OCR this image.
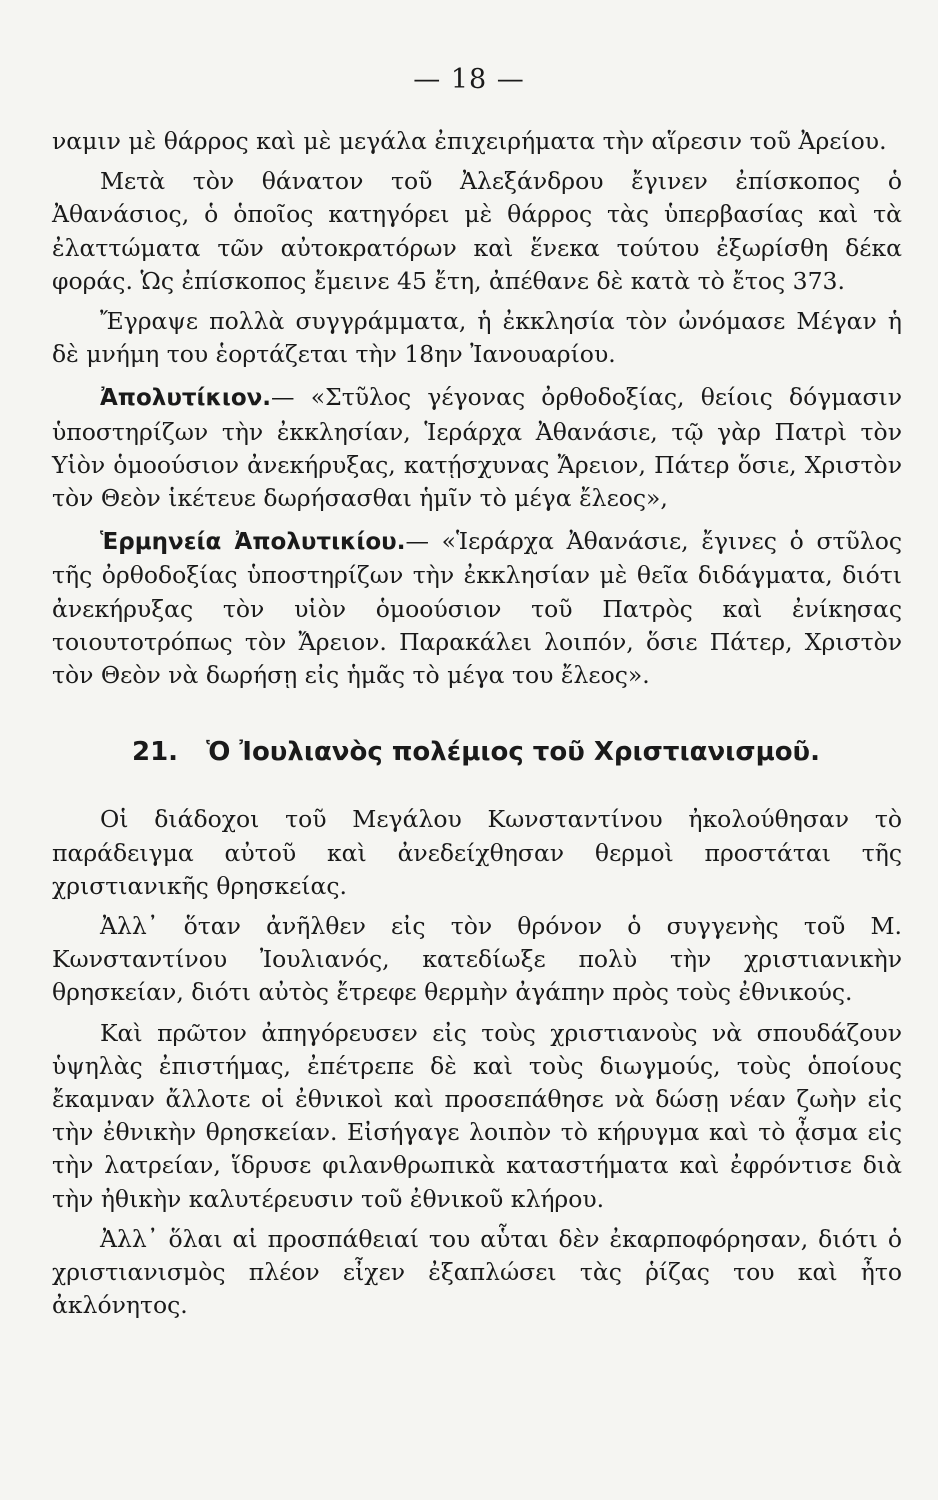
— 18 —

ναμιν μὲ θάρρος καὶ μὲ μεγάλα ἐπιχειρήματα τὴν αἵρεσιν τοῦ Ἀρείου.

Μετὰ τὸν θάνατον τοῦ Ἀλεξάνδρου ἔγινεν ἐπίσκοπος ὁ Ἀθανάσιος, ὁ ὁποῖος κατηγόρει μὲ θάρρος τὰς ὑπερβασίας καὶ τὰ ἐλαττώματα τῶν αὐτοκρατόρων καὶ ἕνεκα τούτου ἐξωρίσθη δέκα φοράς. Ὡς ἐπίσκοπος ἔμεινε 45 ἔτη, ἀπέθανε δὲ κατὰ τὸ ἔτος 373.

Ἔγραψε πολλὰ συγγράμματα, ἡ ἐκκλησία τὸν ὠνόμασε Μέγαν ἡ δὲ μνήμη του ἑορτάζεται τὴν 18ην Ἰανουαρίου.

Ἀπολυτίκιον.— «Στῦλος γέγονας ὀρθοδοξίας, θείοις δόγμασιν ὑποστηρίζων τὴν ἐκκλησίαν, Ἱεράρχα Ἀθανάσιε, τῷ γὰρ Πατρὶ τὸν Υἱὸν ὁμοούσιον ἀνεκήρυξας, κατῄσχυνας Ἄρειον, Πάτερ ὅσιε, Χριστὸν τὸν Θεὸν ἱκέτευε δωρήσασθαι ἡμῖν τὸ μέγα ἔλεος»,

Ἑρμηνεία Ἀπολυτικίου.— «Ἱεράρχα Ἀθανάσιε, ἔγινες ὁ στῦλος τῆς ὀρθοδοξίας ὑποστηρίζων τὴν ἐκκλησίαν μὲ θεῖα διδάγματα, διότι ἀνεκήρυξας τὸν υἱὸν ὁμοούσιον τοῦ Πατρὸς καὶ ἐνίκησας τοιουτοτρόπως τὸν Ἄρειον. Παρακάλει λοιπόν, ὅσιε Πάτερ, Χριστὸν τὸν Θεὸν νὰ δωρήσῃ εἰς ἡμᾶς τὸ μέγα του ἔλεος».

21. Ὁ Ἰουλιανὸς πολέμιος τοῦ Χριστιανισμοῦ.

Οἱ διάδοχοι τοῦ Μεγάλου Κωνσταντίνου ἠκολούθησαν τὸ παράδειγμα αὐτοῦ καὶ ἀνεδείχθησαν θερμοὶ προστάται τῆς χριστιανικῆς θρησκείας.

Ἀλλ᾽ ὅταν ἀνῆλθεν εἰς τὸν θρόνον ὁ συγγενὴς τοῦ Μ. Κωνσταντίνου Ἰουλιανός, κατεδίωξε πολὺ τὴν χριστιανικὴν θρησκείαν, διότι αὐτὸς ἔτρεφε θερμὴν ἀγάπην πρὸς τοὺς ἐθνικούς.

Καὶ πρῶτον ἀπηγόρευσεν εἰς τοὺς χριστιανοὺς νὰ σπουδάζουν ὑψηλὰς ἐπιστήμας, ἐπέτρεπε δὲ καὶ τοὺς διωγμούς, τοὺς ὁποίους ἔκαμναν ἄλλοτε οἱ ἐθνικοὶ καὶ προσεπάθησε νὰ δώσῃ νέαν ζωὴν εἰς τὴν ἐθνικὴν θρησκείαν. Εἰσήγαγε λοιπὸν τὸ κήρυγμα καὶ τὸ ᾆσμα εἰς τὴν λατρείαν, ἵδρυσε φιλανθρωπικὰ καταστήματα καὶ ἐφρόντισε διὰ τὴν ἠθικὴν καλυτέρευσιν τοῦ ἐθνικοῦ κλήρου.

Ἀλλ᾽ ὅλαι αἱ προσπάθειαί του αὗται δὲν ἐκαρποφόρησαν, διότι ὁ χριστιανισμὸς πλέον εἶχεν ἐξαπλώσει τὰς ῥίζας του καὶ ἦτο ἀκλόνητος.
